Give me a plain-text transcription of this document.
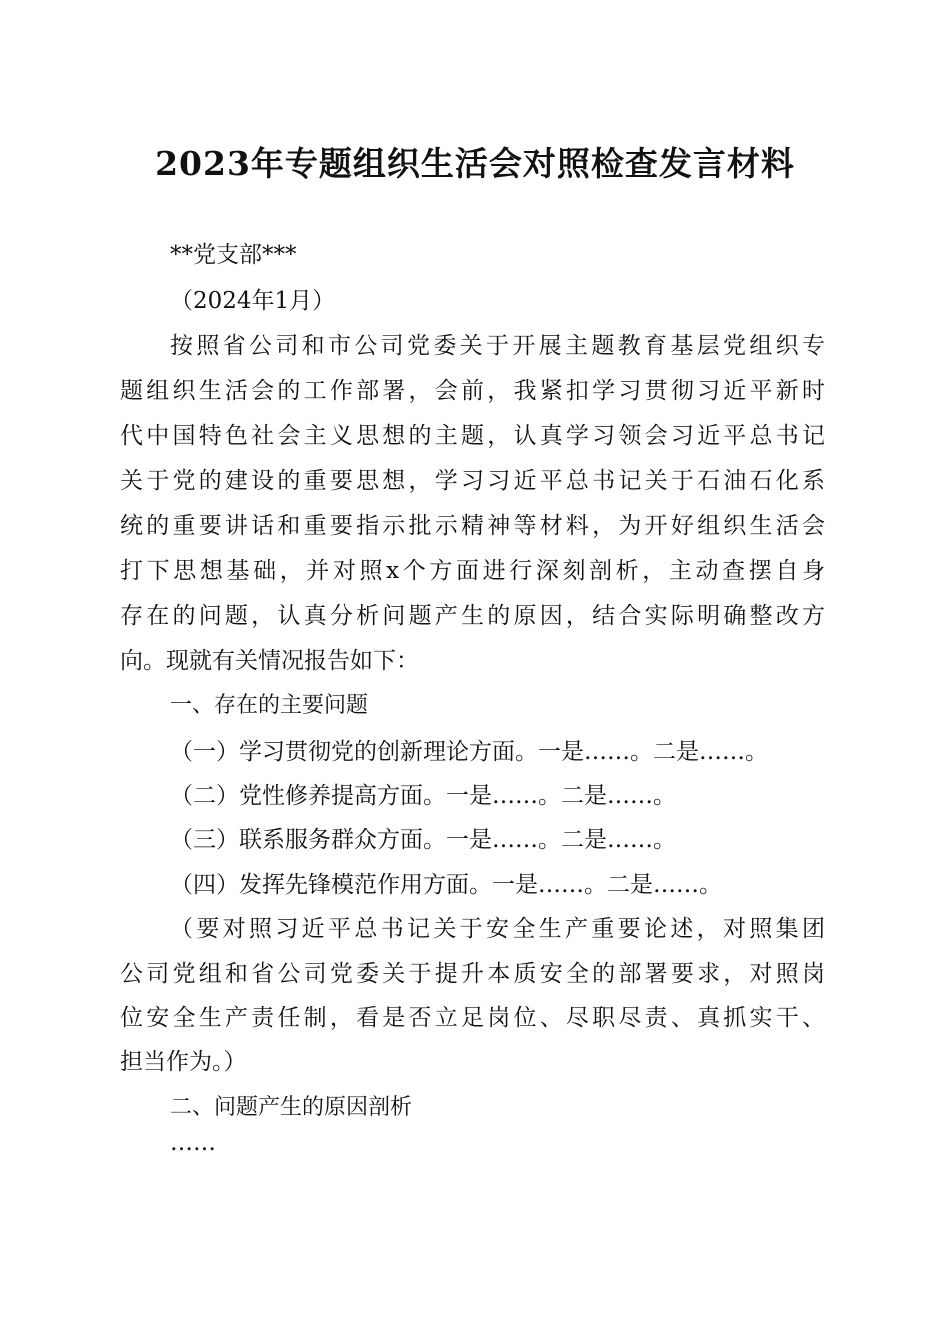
2023年专题组织生活会对照检查发言材料
**党支部***
（2024年1月）
按照省公司和市公司党委关于开展主题教育基层党组织专
题组织生活会的工作部署，会前，我紧扣学习贯彻习近平新时
代中国特色社会主义思想的主题，认真学习领会习近平总书记
关于党的建设的重要思想，学习习近平总书记关于石油石化系
统的重要讲话和重要指示批示精神等材料，为开好组织生活会
打下思想基础，并对照x个方面进行深刻剖析，主动查摆自身
存在的问题，认真分析问题产生的原因，结合实际明确整改方
向。现就有关情况报告如下：
一、存在的主要问题
（一）学习贯彻党的创新理论方面。一是……。二是……。
（二）党性修养提高方面。一是……。二是……。
（三）联系服务群众方面。一是……。二是……。
（四）发挥先锋模范作用方面。一是……。二是……。
（要对照习近平总书记关于安全生产重要论述，对照集团
公司党组和省公司党委关于提升本质安全的部署要求，对照岗
位安全生产责任制，看是否立足岗位、尽职尽责、真抓实干、
担当作为。）
二、问题产生的原因剖析
……
